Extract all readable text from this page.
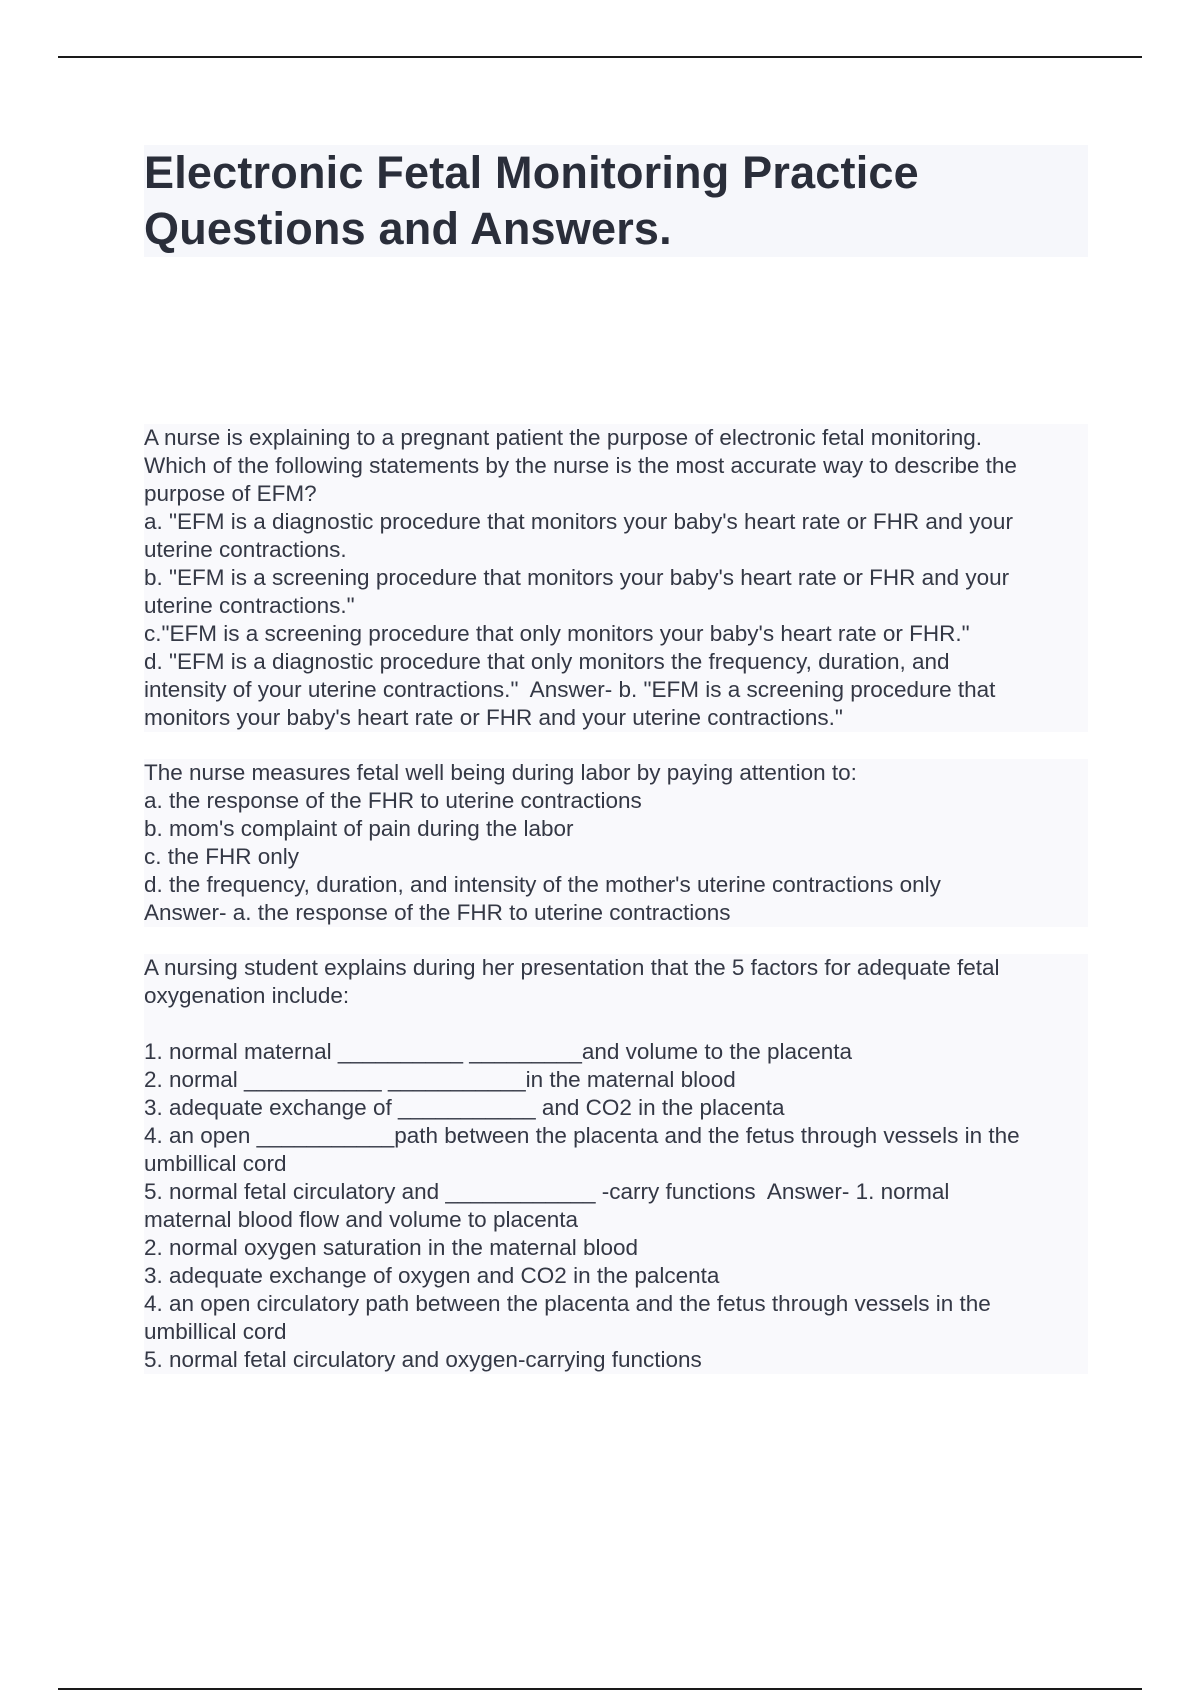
Electronic Fetal Monitoring Practice
Questions and Answers.
A nurse is explaining to a pregnant patient the purpose of electronic fetal monitoring.
Which of the following statements by the nurse is the most accurate way to describe the
purpose of EFM?
a. "EFM is a diagnostic procedure that monitors your baby's heart rate or FHR and your
uterine contractions.
b. "EFM is a screening procedure that monitors your baby's heart rate or FHR and your
uterine contractions."
c."EFM is a screening procedure that only monitors your baby's heart rate or FHR."
d. "EFM is a diagnostic procedure that only monitors the frequency, duration, and
intensity of your uterine contractions."  Answer- b. "EFM is a screening procedure that
monitors your baby's heart rate or FHR and your uterine contractions."
The nurse measures fetal well being during labor by paying attention to:
a. the response of the FHR to uterine contractions
b. mom's complaint of pain during the labor
c. the FHR only
d. the frequency, duration, and intensity of the mother's uterine contractions only
Answer- a. the response of the FHR to uterine contractions
A nursing student explains during her presentation that the 5 factors for adequate fetal
oxygenation include:
1. normal maternal __________ _________and volume to the placenta
2. normal ___________ ___________in the maternal blood
3. adequate exchange of ___________ and CO2 in the placenta
4. an open ___________path between the placenta and the fetus through vessels in the
umbillical cord
5. normal fetal circulatory and ____________ -carry functions  Answer- 1. normal
maternal blood flow and volume to placenta
2. normal oxygen saturation in the maternal blood
3. adequate exchange of oxygen and CO2 in the palcenta
4. an open circulatory path between the placenta and the fetus through vessels in the
umbillical cord
5. normal fetal circulatory and oxygen-carrying functions
